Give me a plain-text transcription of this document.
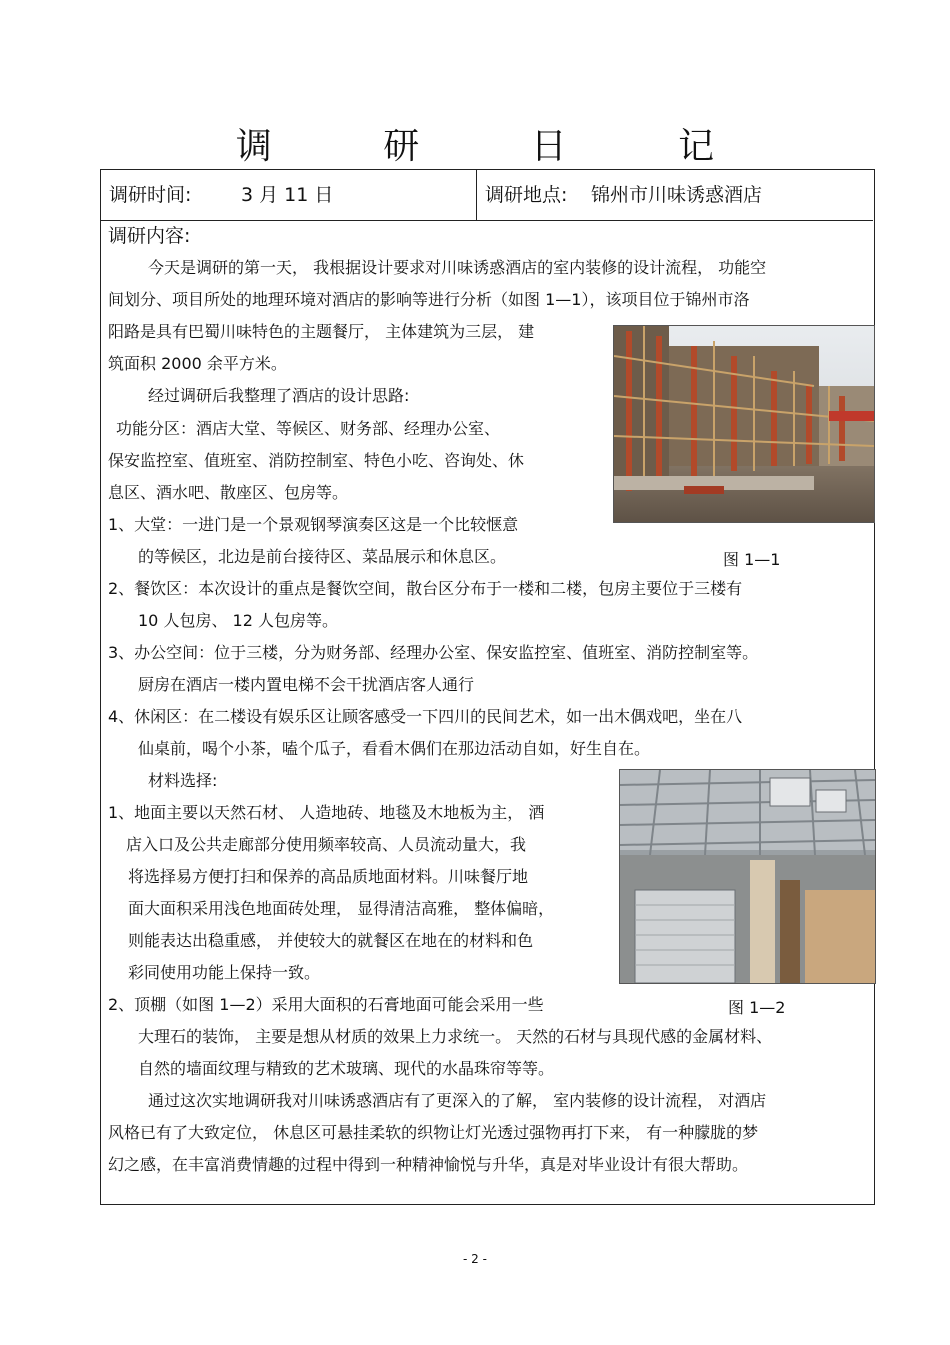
调 研 日 记
调研时间:	3 月 11 日	调研地点: 锦州市川味诱惑酒店
调研内容:
今天是调研的第一天， 我根据设计要求对川味诱惑酒店的室内装修的设计流程， 功能空
间划分、项目所处的地理环境对酒店的影响等进行分析（如图 1—1），该项目位于锦州市洛
阳路是具有巴蜀川味特色的主题餐厅， 主体建筑为三层， 建
筑面积 2000 余平方米。
经过调研后我整理了酒店的设计思路:
功能分区：酒店大堂、等候区、财务部、经理办公室、
保安监控室、值班室、消防控制室、特色小吃、咨询处、休
息区、酒水吧、散座区、包房等。
1、大堂：一进门是一个景观钢琴演奏区这是一个比较惬意
的等候区，北边是前台接待区、菜品展示和休息区。
2、餐饮区：本次设计的重点是餐饮空间，散台区分布于一楼和二楼，包房主要位于三楼有
10 人包房、 12 人包房等。
3、办公空间：位于三楼，分为财务部、经理办公室、保安监控室、值班室、消防控制室等。
厨房在酒店一楼内置电梯不会干扰酒店客人通行
4、休闲区：在二楼设有娱乐区让顾客感受一下四川的民间艺术，如一出木偶戏吧，坐在八
仙桌前，喝个小茶，嗑个瓜子，看看木偶们在那边活动自如，好生自在。
材料选择:
1、地面主要以天然石材、 人造地砖、地毯及木地板为主， 酒
店入口及公共走廊部分使用频率较高、人员流动量大，我
将选择易方便打扫和保养的高品质地面材料。川味餐厅地
面大面积采用浅色地面砖处理， 显得清洁高雅， 整体偏暗，
则能表达出稳重感， 并使较大的就餐区在地在的材料和色
彩同使用功能上保持一致。
2、顶棚（如图 1—2）采用大面积的石膏地面可能会采用一些
大理石的装饰， 主要是想从材质的效果上力求统一。 天然的石材与具现代感的金属材料、
自然的墙面纹理与精致的艺术玻璃、现代的水晶珠帘等等。
通过这次实地调研我对川味诱惑酒店有了更深入的了解， 室内装修的设计流程， 对酒店
风格已有了大致定位， 休息区可悬挂柔软的织物让灯光透过强物再打下来， 有一种朦胧的梦
幻之感，在丰富消费情趣的过程中得到一种精神愉悦与升华，真是对毕业设计有很大帮助。
图 1—1
图 1—2
- 2 -
